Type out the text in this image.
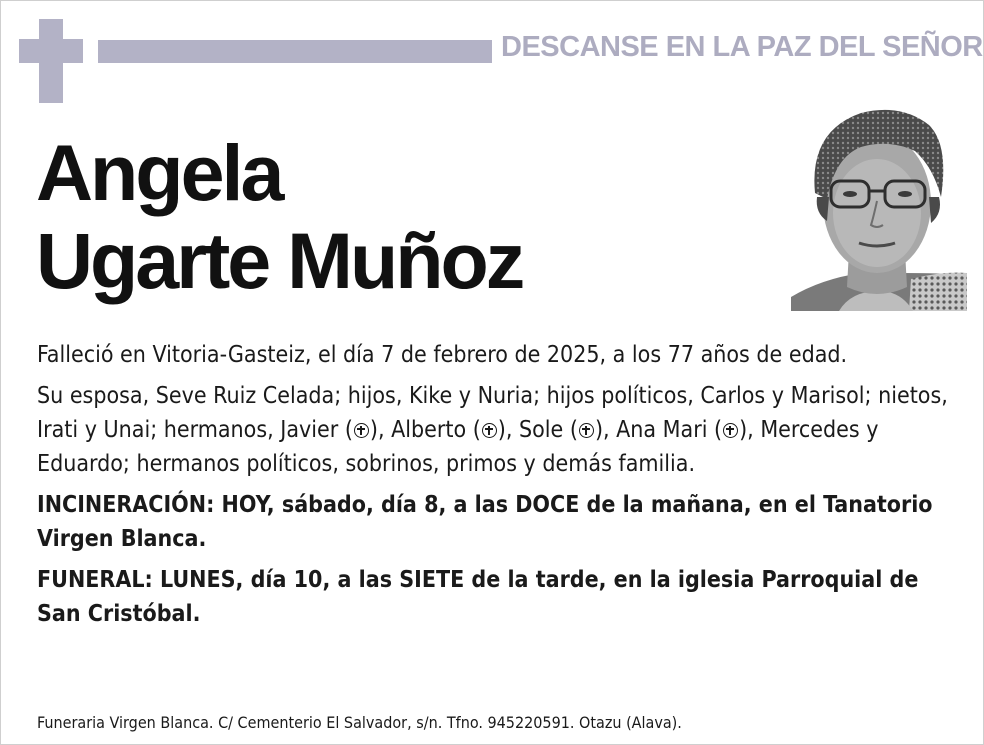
DESCANSE EN LA PAZ DEL SEÑOR
Angela
Ugarte Muñoz

Falleció en Vitoria-Gasteiz, el día 7 de febrero de 2025, a los 77 años de edad.

Su esposa, Seve Ruiz Celada; hijos, Kike y Nuria; hijos políticos, Carlos y Marisol; nietos, Irati y Unai; hermanos, Javier ( ), Alberto ( ), Sole ( ), Ana Mari ( ), Mercedes y Eduardo; hermanos políticos, sobrinos, primos y demás familia.

INCINERACIÓN: HOY, sábado, día 8, a las DOCE de la mañana, en el Tanatorio Virgen Blanca.

FUNERAL: LUNES, día 10, a las SIETE de la tarde, en la iglesia Parroquial de San Cristóbal.

Funeraria Virgen Blanca. C/ Cementerio El Salvador, s/n. Tfno. 945220591. Otazu (Alava).
